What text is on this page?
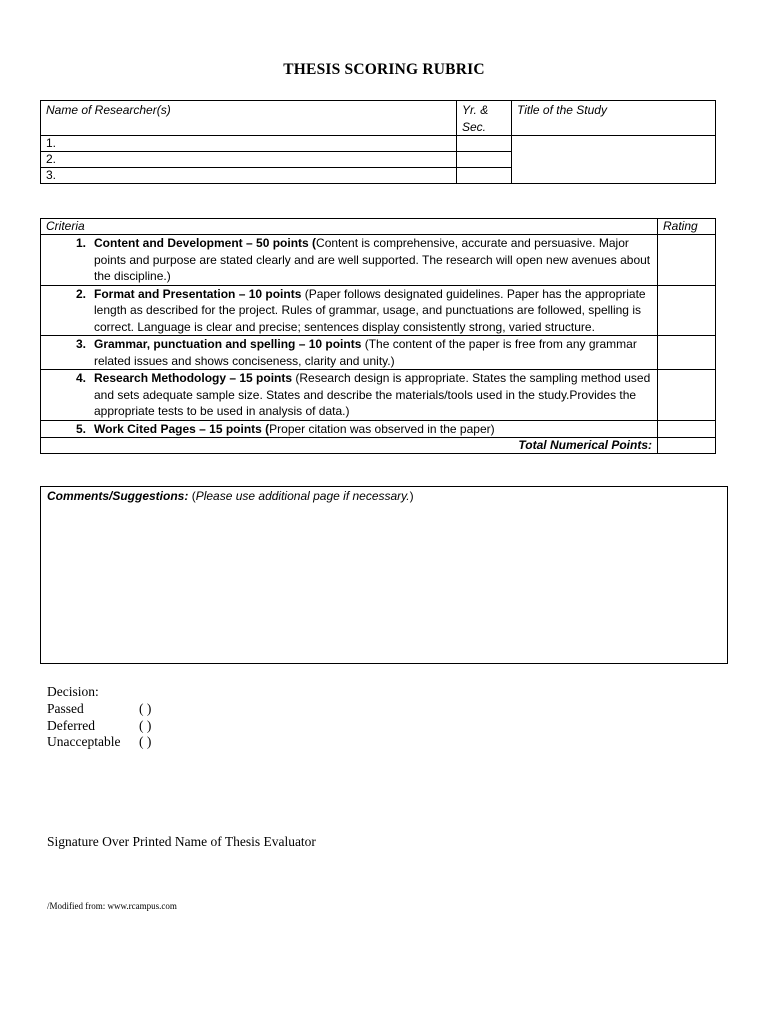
THESIS SCORING RUBRIC
Name of Researcher(s)	Yr. & Sec.	Title of the Study
1.		
2.		
3.		
Criteria	Rating

1. Content and Development – 50 points (Content is comprehensive, accurate and persuasive. Major points and purpose are stated clearly and are well supported. The research will open new avenues about the discipline.)	

2. Format and Presentation – 10 points (Paper follows designated guidelines. Paper has the appropriate length as described for the project. Rules of grammar, usage, and punctuations are followed, spelling is correct. Language is clear and precise; sentences display consistently strong, varied structure.	

3. Grammar, punctuation and spelling – 10 points (The content of the paper is free from any grammar related issues and shows conciseness, clarity and unity.)	

4. Research Methodology – 15 points (Research design is appropriate. States the sampling method used and sets adequate sample size. States and describe the materials/tools used in the study.Provides the appropriate tests to be used in analysis of data.)	

5. Work Cited Pages – 15 points (Proper citation was observed in the paper)	

Total Numerical Points:	
Comments/Suggestions: (Please use additional page if necessary.)
Decision:
Passed	( )
Deferred	( )
Unacceptable	( )
Signature Over Printed Name of Thesis Evaluator
/Modified from: www.rcampus.com
